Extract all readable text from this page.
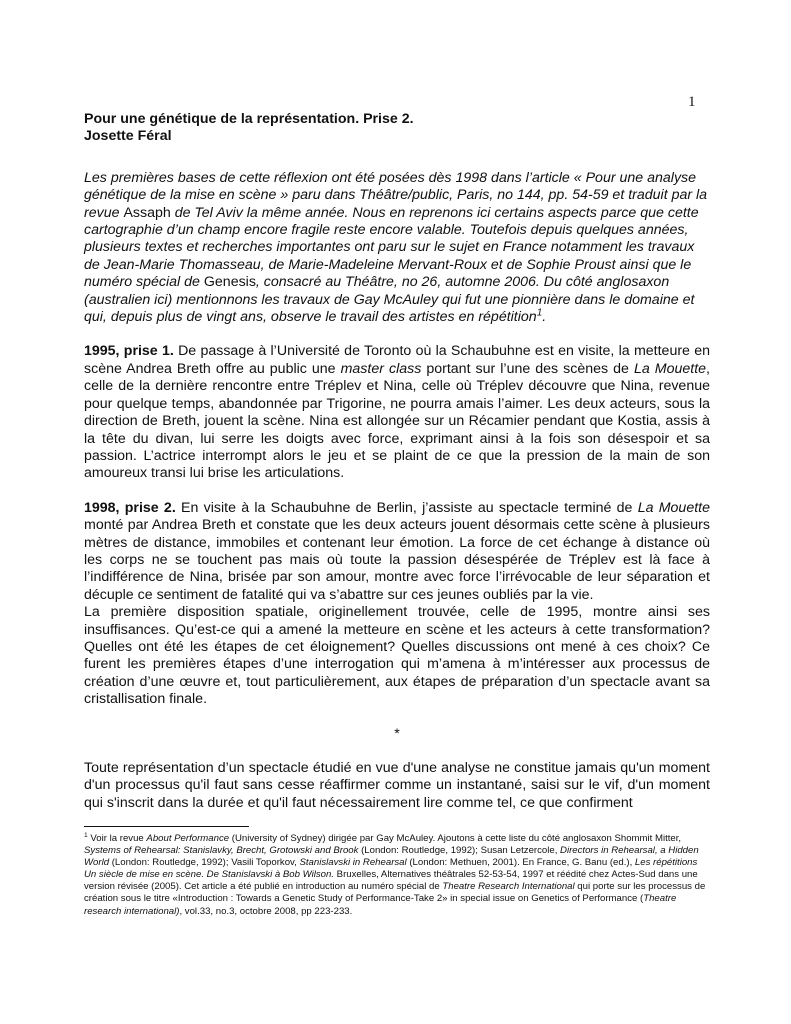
1
Pour une génétique de la représentation. Prise 2.
Josette Féral
Les premières bases de cette réflexion ont été posées dès 1998 dans l’article « Pour une analyse génétique de la mise en scène » paru dans Théâtre/public, Paris, no 144, pp. 54-59 et traduit par la revue Assaph de Tel Aviv la même année. Nous en reprenons ici certains aspects parce que cette cartographie d’un champ encore fragile reste encore valable. Toutefois depuis quelques années, plusieurs textes et recherches importantes ont paru sur le sujet en France notamment les travaux de Jean-Marie Thomasseau, de Marie-Madeleine Mervant-Roux et de Sophie Proust ainsi que le numéro spécial de Genesis, consacré au Théâtre, no 26, automne 2006. Du côté anglosaxon (australien ici) mentionnons les travaux de Gay McAuley qui fut une pionnière dans le domaine et qui, depuis plus de vingt ans, observe le travail des artistes en répétition$^1$.
1995, prise 1. De passage à l’Université de Toronto où la Schaubuhne est en visite, la metteure en scène Andrea Breth offre au public une master class portant sur l’une des scènes de La Mouette, celle de la dernière rencontre entre Tréplev et Nina, celle où Tréplev découvre que Nina, revenue pour quelque temps, abandonnée par Trigorine, ne pourra amais l’aimer. Les deux acteurs, sous la direction de Breth, jouent la scène. Nina est allongée sur un Récamier pendant que Kostia, assis à la tête du divan, lui serre les doigts avec force, exprimant ainsi à la fois son désespoir et sa passion. L’actrice interrompt alors le jeu et se plaint de ce que la pression de la main de son amoureux transi lui brise les articulations.
1998, prise 2. En visite à la Schaubuhne de Berlin, j’assiste au spectacle terminé de La Mouette monté par Andrea Breth et constate que les deux acteurs jouent désormais cette scène à plusieurs mètres de distance, immobiles et contenant leur émotion. La force de cet échange à distance où les corps ne se touchent pas mais où toute la passion désespérée de Tréplev est là face à l’indifférence de Nina, brisée par son amour, montre avec force l’irrévocable de leur séparation et décuple ce sentiment de fatalité qui va s’abattre sur ces jeunes oubliés par la vie.
La première disposition spatiale, originellement trouvée, celle de 1995, montre ainsi ses insuffisances. Qu’est-ce qui a amené la metteure en scène et les acteurs à cette transformation? Quelles ont été les étapes de cet éloignement? Quelles discussions ont mené à ces choix? Ce furent les premières étapes d’une interrogation qui m’amena à m’intéresser aux processus de création d’une œuvre et, tout particulièrement, aux étapes de préparation d’un spectacle avant sa cristallisation finale.
*
Toute représentation d’un spectacle étudié en vue d'une analyse ne constitue jamais qu'un moment d'un processus qu'il faut sans cesse réaffirmer comme un instantané, saisi sur le vif, d'un moment qui s'inscrit dans la durée et qu'il faut nécessairement lire comme tel, ce que confirment
$^1$ Voir la revue About Performance (University of Sydney) dirigée par Gay McAuley. Ajoutons à cette liste du côté anglosaxon Shommit Mitter, Systems of Rehearsal: Stanislavky, Brecht, Grotowski and Brook (London: Routledge, 1992); Susan Letzercole, Directors in Rehearsal, a Hidden World (London: Routledge, 1992); Vasili Toporkov, Stanislavski in Rehearsal (London: Methuen, 2001). En France, G. Banu (ed.), Les répétitions Un siècle de mise en scène. De Stanislavski à Bob Wilson. Bruxelles, Alternatives théâtrales 52-53-54, 1997 et réédité chez Actes-Sud dans une version révisée (2005). Cet article a été publié en introduction au numéro spécial de Theatre Research International qui porte sur les processus de création sous le titre «Introduction : Towards a Genetic Study of Performance-Take 2» in special issue on Genetics of Performance (Theatre research international), vol.33, no.3, octobre 2008, pp 223-233.
